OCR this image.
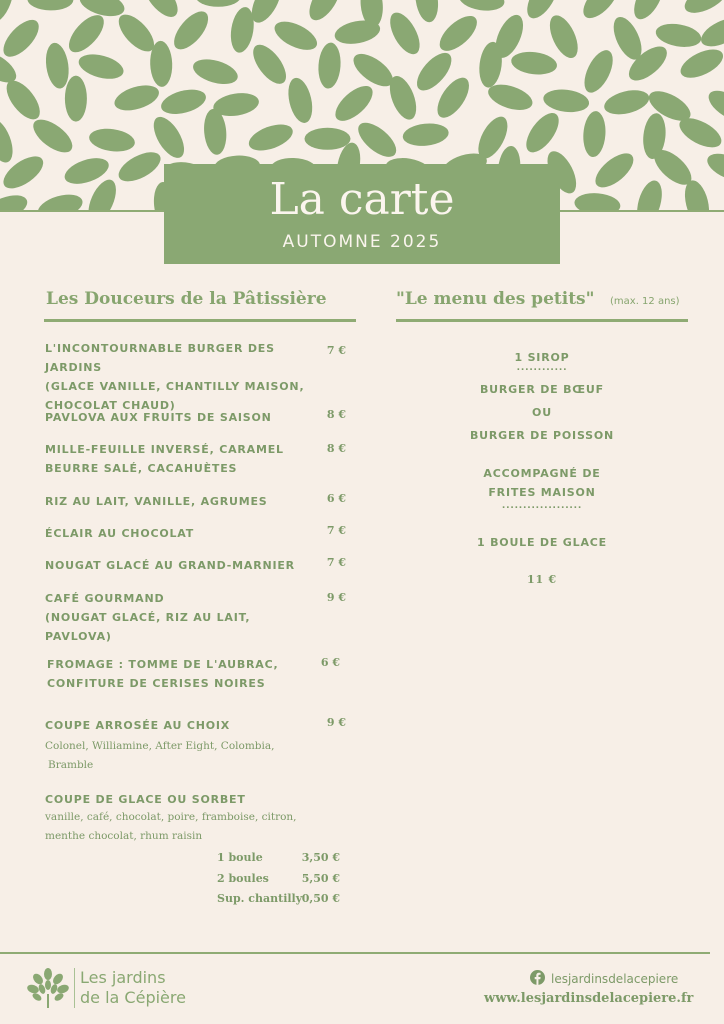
La carte
AUTOMNE 2025
Les Douceurs de la Pâtissière
L'INCONTOURNABLE BURGER DES JARDINS
(GLACE VANILLE, CHANTILLY MAISON,
CHOCOLAT CHAUD)
7 €
PAVLOVA AUX FRUITS DE SAISON	8 €
MILLE-FEUILLE INVERSÉ, CARAMEL
BEURRE SALÉ, CACAHUÈTES
8 €
RIZ AU LAIT, VANILLE, AGRUMES	6 €
ÉCLAIR AU CHOCOLAT	7 €
NOUGAT GLACÉ AU GRAND-MARNIER	7 €
CAFÉ GOURMAND
(NOUGAT GLACÉ, RIZ AU LAIT, PAVLOVA)
9 €
FROMAGE : TOMME DE L'AUBRAC,
CONFITURE DE CERISES NOIRES
6 €
COUPE ARROSÉE AU CHOIX	9 €
Colonel, Williamine, After Eight, Colombia,
Bramble
COUPE DE GLACE OU SORBET
vanille, café, chocolat, poire, framboise, citron,
menthe chocolat, rhum raisin
1 boule	3,50 €
2 boules	5,50 €
Sup. chantilly 0,50 €
"Le menu des petits" (max. 12 ans)
1 SIROP
............
BURGER DE BŒUF
OU
BURGER DE POISSON
ACCOMPAGNÉ DE
FRITES MAISON
...................
1 BOULE DE GLACE
11 €
Les jardins
de la Cépière
lesjardinsdelacepiere
www.lesjardinsdelacepiere.fr
